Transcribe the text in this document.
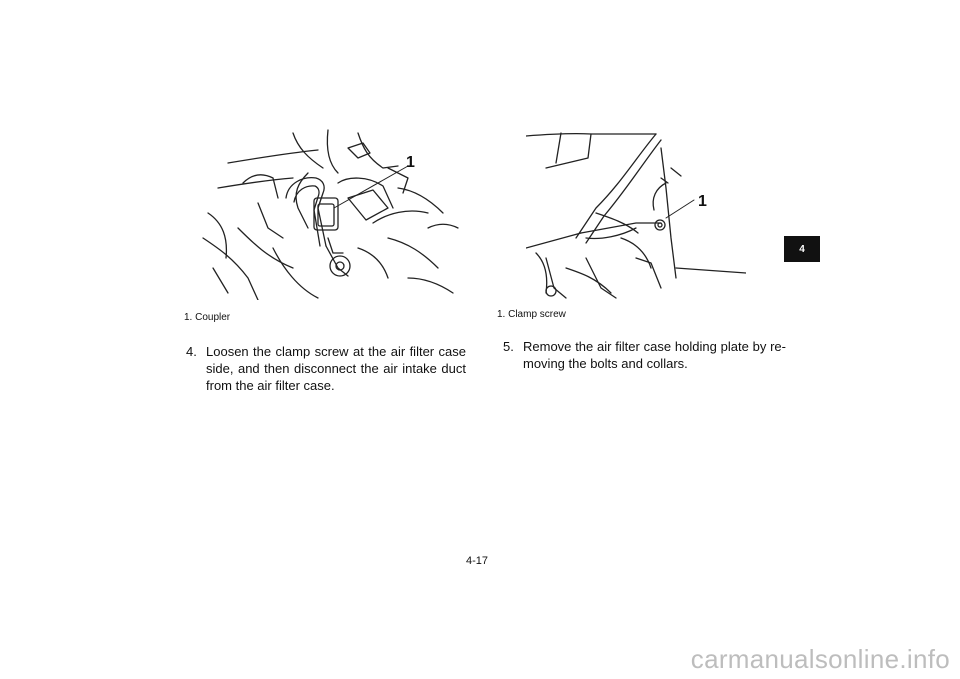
1
1
1. Coupler	1. Clamp screw
4. Loosen the clamp screw at the air filter case side, and then disconnect the air intake duct from the air filter case.
5. Remove the air filter case holding plate by re- moving the bolts and collars.
4
4-17
carmanualsonline.info
